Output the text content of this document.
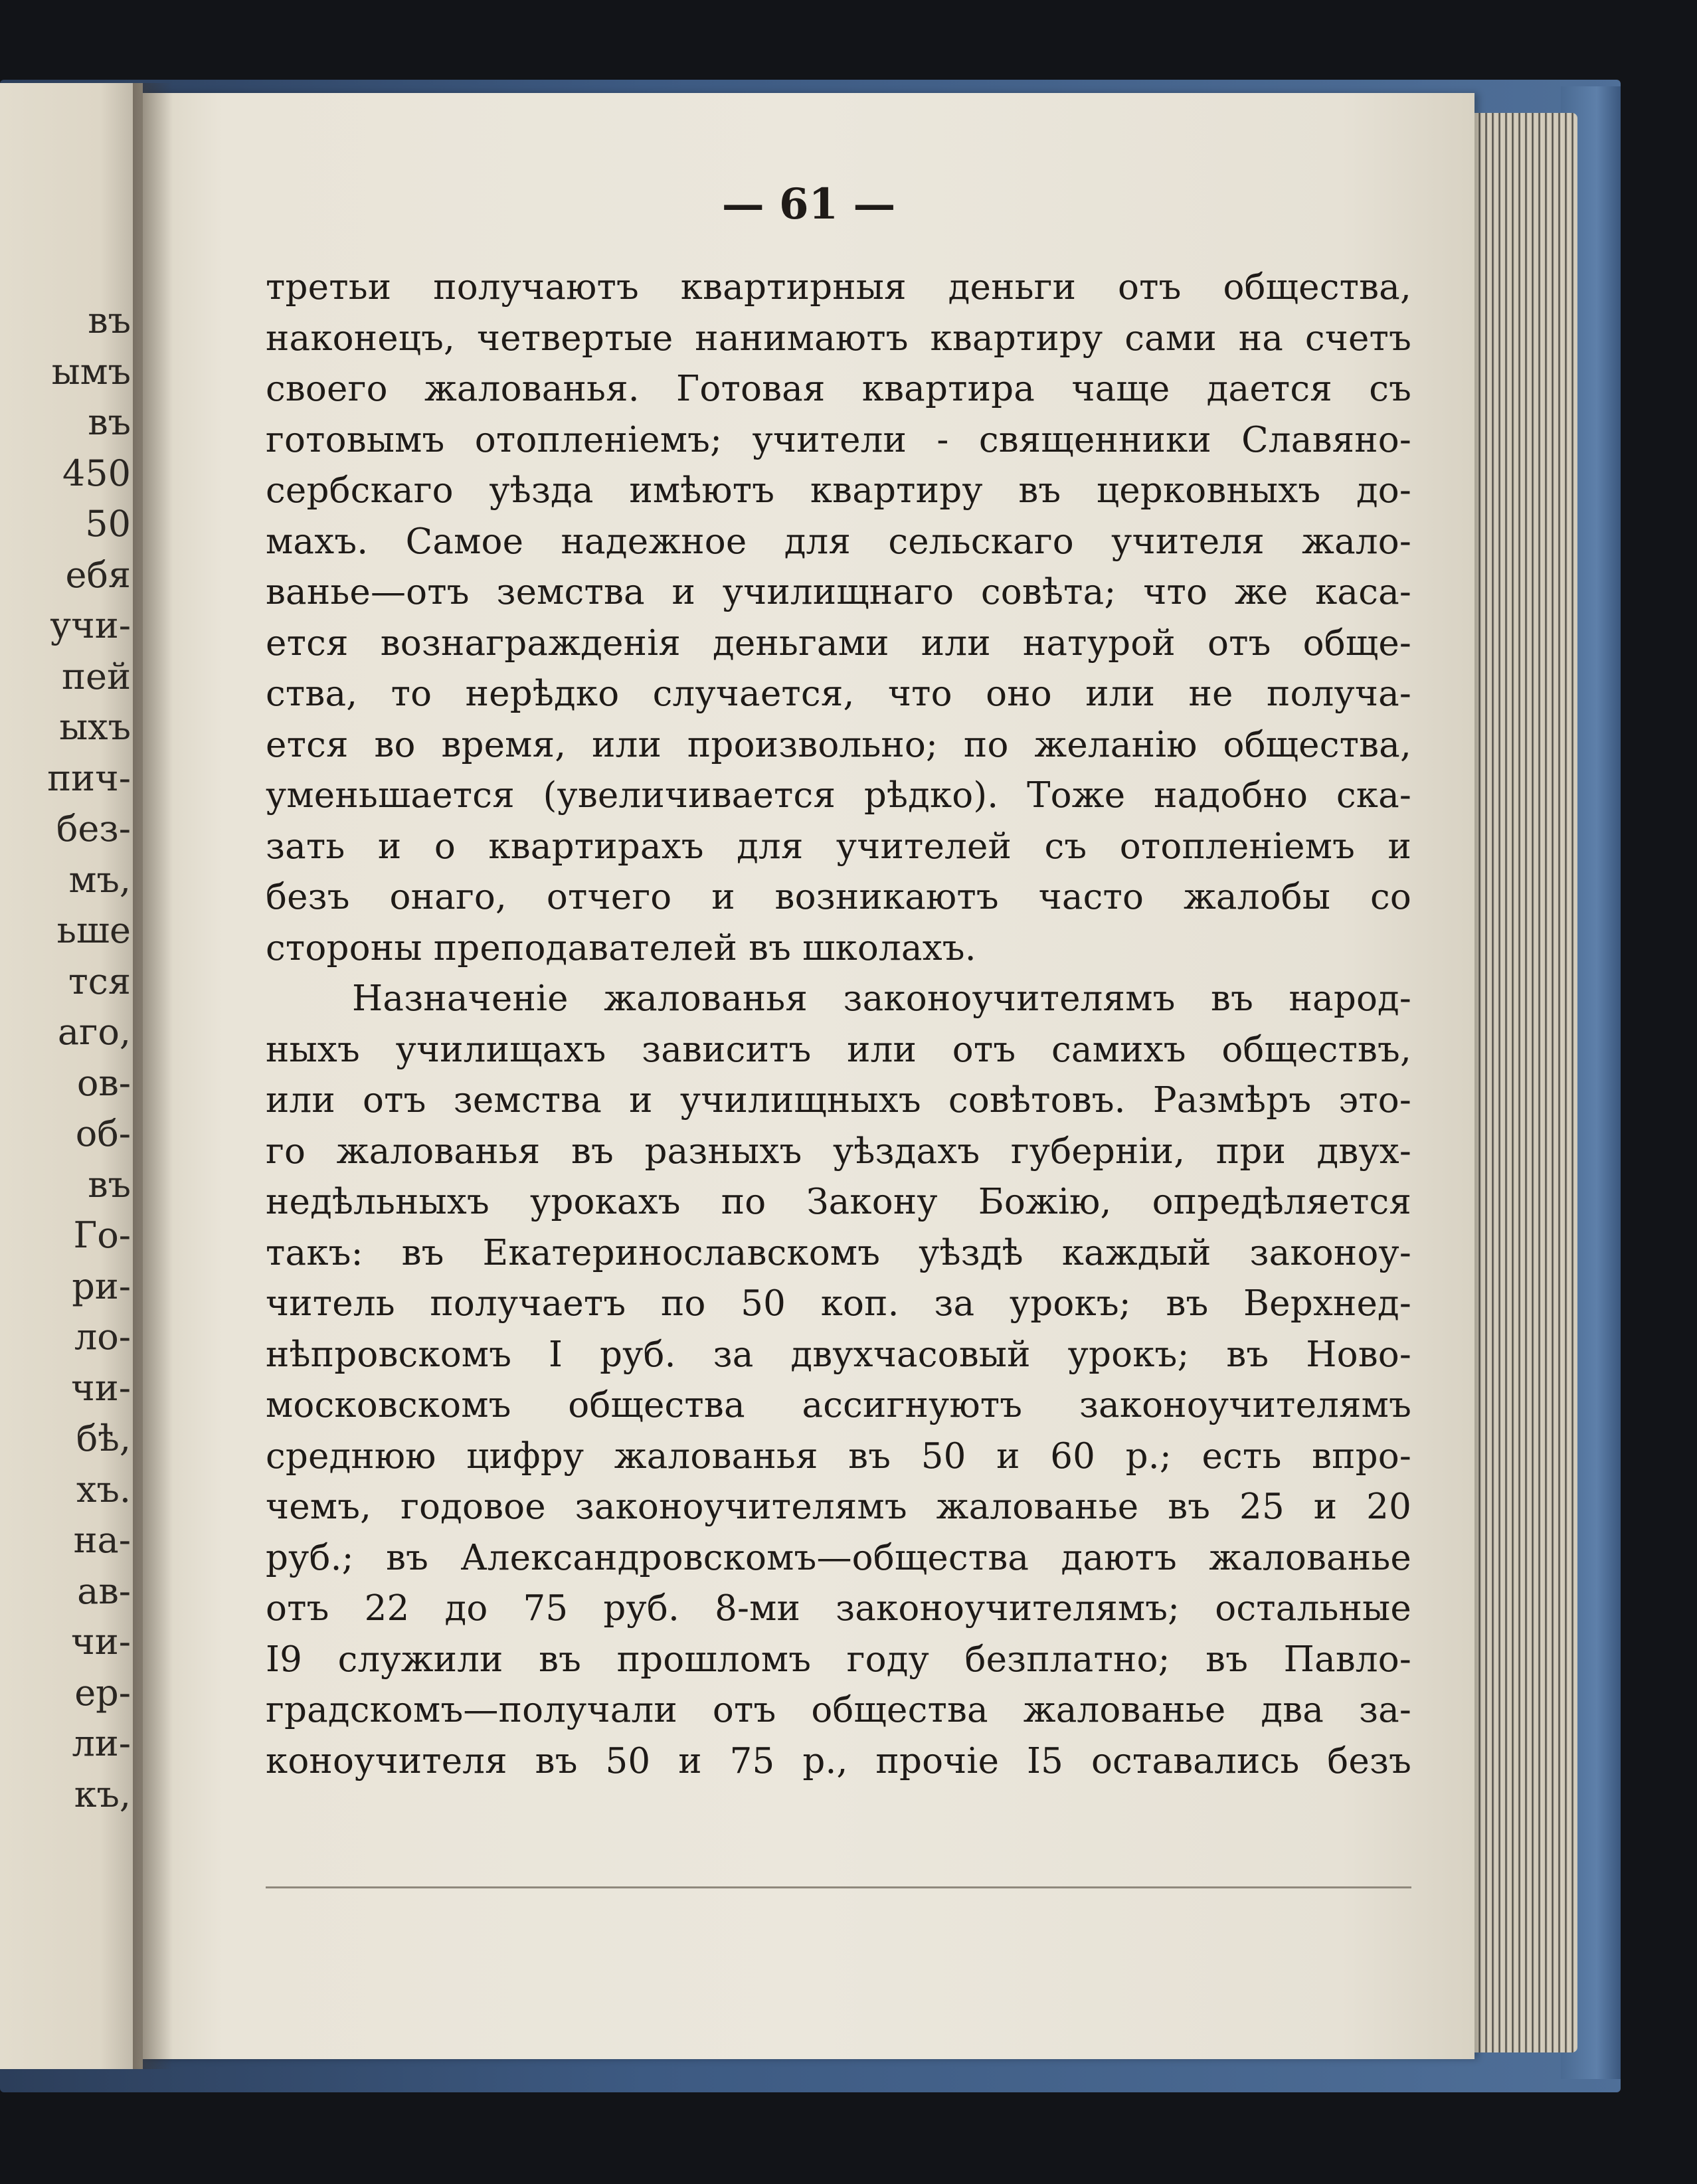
въ
ымъ
въ
450
50
ебя
учи-
пей
ыхъ
пич-
без-
мъ,
ьше
тся
аго,
ов-
об-
въ
Го-
ри-
ло-
чи-
бѣ,
хъ.
на-
ав-
чи-
ер-
ли-
къ,
— 61 —
третьи получаютъ квартирныя деньги отъ общества,
наконецъ, четвертые нанимаютъ квартиру сами на счетъ
своего жалованья. Готовая квартира чаще дается съ
готовымъ отопленіемъ; учители - священники Славяно-
сербскаго уѣзда имѣютъ квартиру въ церковныхъ до-
махъ. Самое надежное для сельскаго учителя жало-
ванье—отъ земства и училищнаго совѣта; что же каса-
ется вознагражденія деньгами или натурой отъ обще-
ства, то нерѣдко случается, что оно или не получа-
ется во время, или произвольно; по желанію общества,
уменьшается (увеличивается рѣдко). Тоже надобно ска-
зать и о квартирахъ для учителей съ отопленіемъ и
безъ онаго, отчего и возникаютъ часто жалобы со
стороны преподавателей въ школахъ.
Назначеніе жалованья законоучителямъ въ народ-
ныхъ училищахъ зависитъ или отъ самихъ обществъ,
или отъ земства и училищныхъ совѣтовъ. Размѣръ это-
го жалованья въ разныхъ уѣздахъ губерніи, при двух-
недѣльныхъ урокахъ по Закону Божію, опредѣляется
такъ: въ Екатеринославскомъ уѣздѣ каждый законоу-
читель получаетъ по 50 коп. за урокъ; въ Верхнед-
нѣпровскомъ I руб. за двухчасовый урокъ; въ Ново-
московскомъ общества ассигнуютъ законоучителямъ
среднюю цифру жалованья въ 50 и 60 р.; есть впро-
чемъ, годовое законоучителямъ жалованье въ 25 и 20
руб.; въ Александровскомъ—общества даютъ жалованье
отъ 22 до 75 руб. 8-ми законоучителямъ; остальные
I9 служили въ прошломъ году безплатно; въ Павло-
градскомъ—получали отъ общества жалованье два за-
коноучителя въ 50 и 75 р., прочіе I5 оставались безъ
